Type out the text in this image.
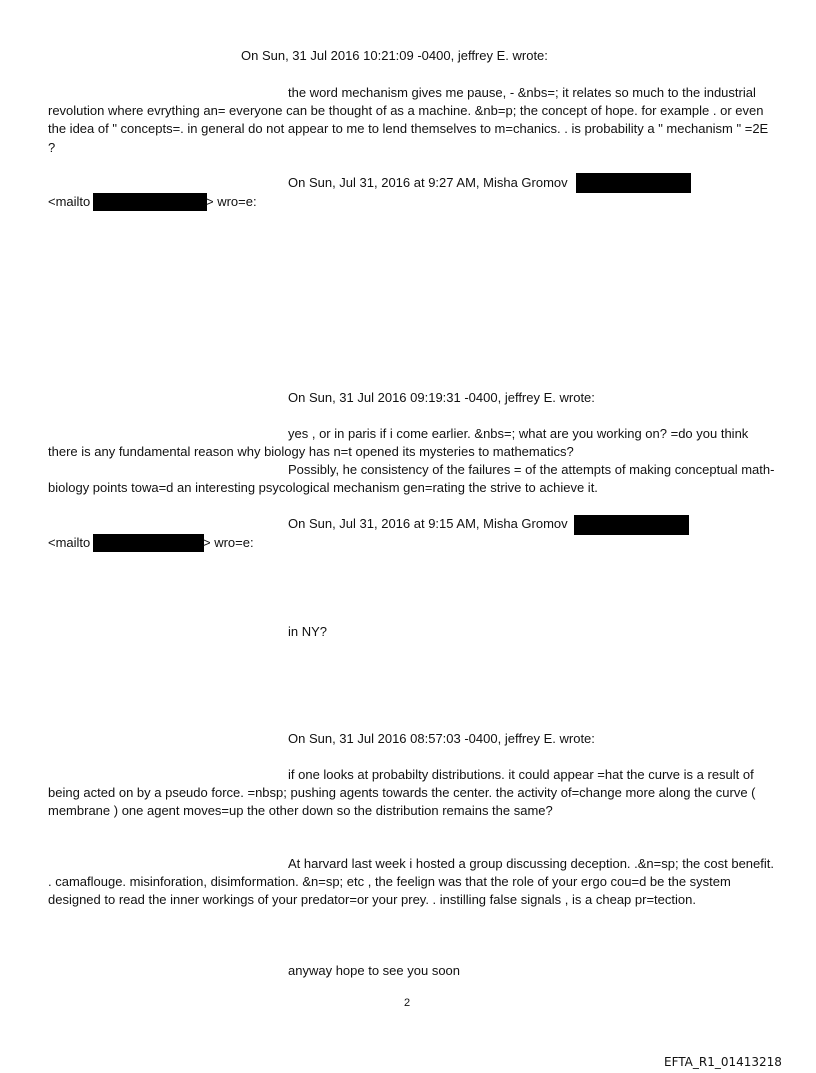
On Sun, 31 Jul 2016 10:21:09 -0400, jeffrey E. wrote:
the word mechanism gives me pause, - &nbs=; it relates so much to the industrial revolution where evrything an= everyone can be thought of as a machine. &nb=p; the concept of hope. for example . or even the idea of " concepts=. in general do not appear to me to lend themselves to m=chanics. . is probability a " mechanism " =2E ?
On Sun, Jul 31, 2016 at 9:27 AM, Misha Gromov
<mailto	> wro=e:
On Sun, 31 Jul 2016 09:19:31 -0400, jeffrey E. wrote:
yes , or in paris if i come earlier. &nbs=; what are you working on? =do you think there is any fundamental reason why biology has n=t opened its mysteries to mathematics?
Possibly, he consistency of the failures = of the attempts of making conceptual math-biology points towa=d an interesting psycological mechanism gen=rating the strive to achieve it.
On Sun, Jul 31, 2016 at 9:15 AM, Misha Gromov
<mailto	> wro=e:
in NY?
On Sun, 31 Jul 2016 08:57:03 -0400, jeffrey E. wrote:
if one looks at probabilty distributions. it could appear =hat the curve is a result of being acted on by a pseudo force. =nbsp; pushing agents towards the center. the activity of=change more along the curve ( membrane ) one agent moves=up the other down so the distribution remains the same?
At harvard last week i hosted a group discussing deception. .&n=sp; the cost benefit. . camaflouge. misinforation, disimformation. &n=sp; etc , the feelign was that the role of your ergo cou=d be the system designed to read the inner workings of your predator=or your prey. . instilling false signals , is a cheap pr=tection.
anyway hope to see you soon
2
EFTA_R1_01413218
